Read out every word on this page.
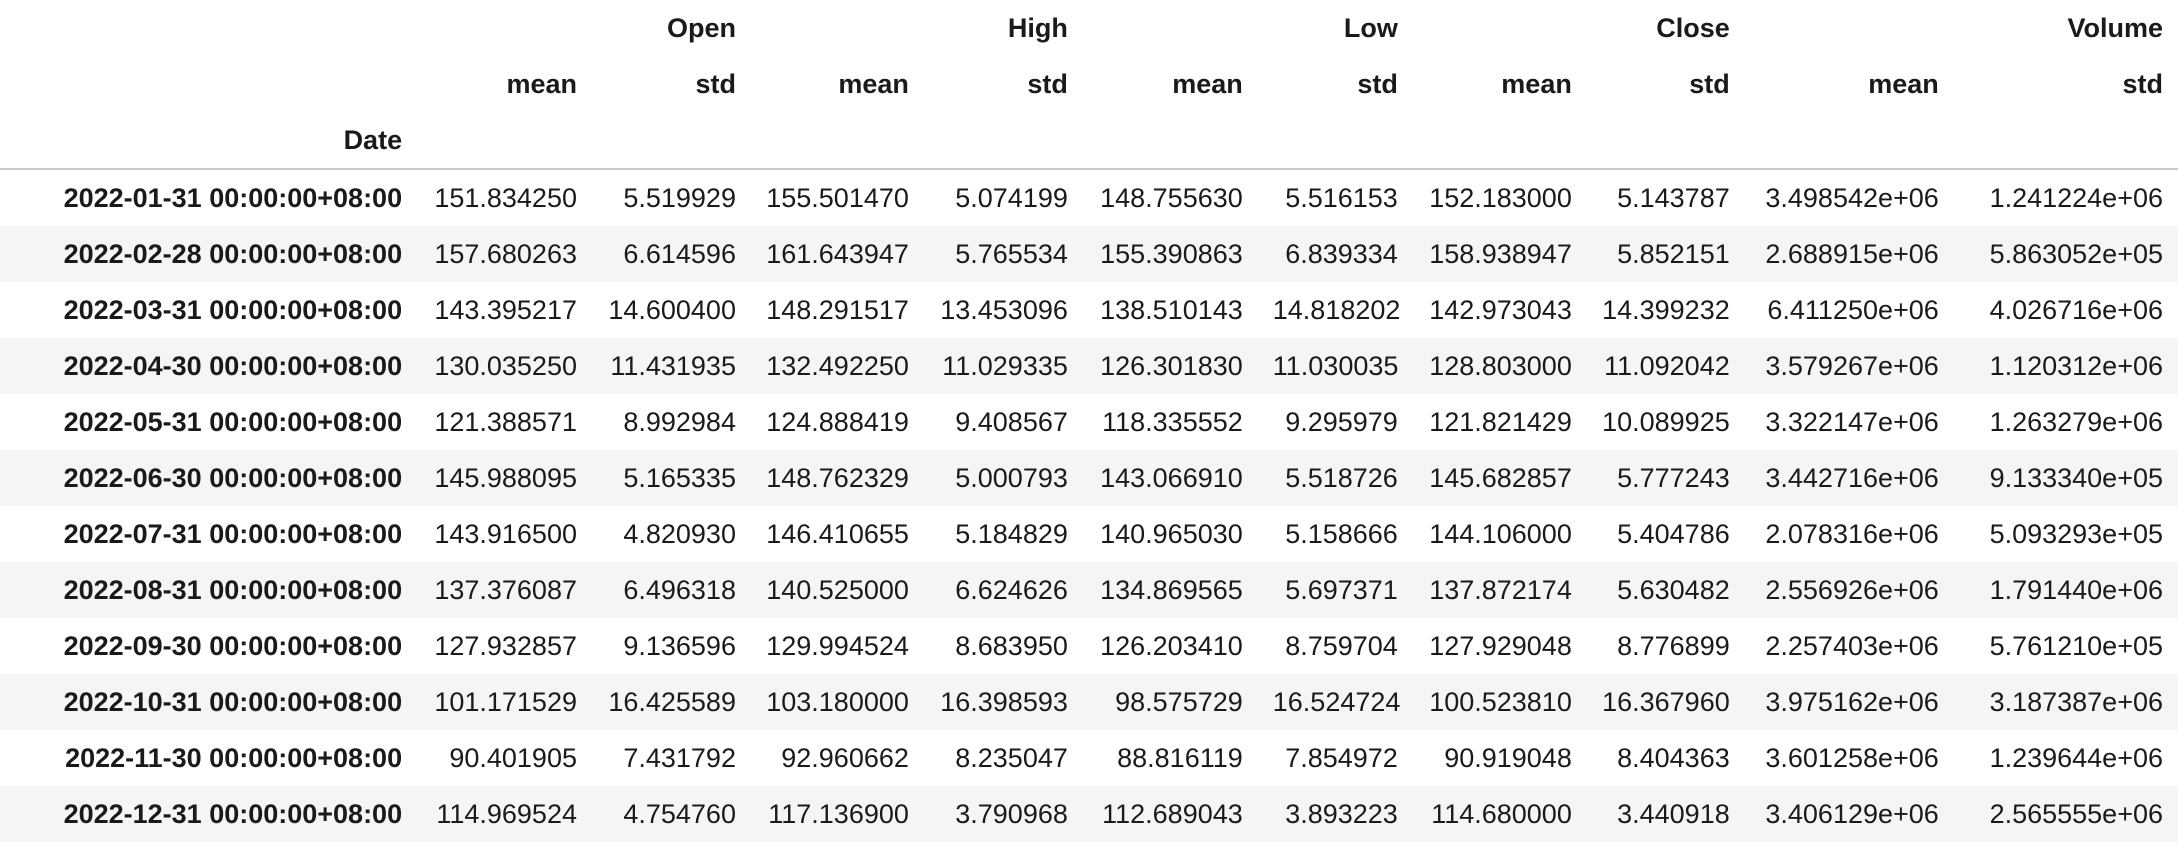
	Open		High		Low		Close		Volume	
	mean	std	mean	std	mean	std	mean	std	mean	std
Date										
2022-01-31 00:00:00+08:00	151.834250	5.519929	155.501470	5.074199	148.755630	5.516153	152.183000	5.143787	3.498542e+06	1.241224e+06
2022-02-28 00:00:00+08:00	157.680263	6.614596	161.643947	5.765534	155.390863	6.839334	158.938947	5.852151	2.688915e+06	5.863052e+05
2022-03-31 00:00:00+08:00	143.395217	14.600400	148.291517	13.453096	138.510143	14.818202	142.973043	14.399232	6.411250e+06	4.026716e+06
2022-04-30 00:00:00+08:00	130.035250	11.431935	132.492250	11.029335	126.301830	11.030035	128.803000	11.092042	3.579267e+06	1.120312e+06
2022-05-31 00:00:00+08:00	121.388571	8.992984	124.888419	9.408567	118.335552	9.295979	121.821429	10.089925	3.322147e+06	1.263279e+06
2022-06-30 00:00:00+08:00	145.988095	5.165335	148.762329	5.000793	143.066910	5.518726	145.682857	5.777243	3.442716e+06	9.133340e+05
2022-07-31 00:00:00+08:00	143.916500	4.820930	146.410655	5.184829	140.965030	5.158666	144.106000	5.404786	2.078316e+06	5.093293e+05
2022-08-31 00:00:00+08:00	137.376087	6.496318	140.525000	6.624626	134.869565	5.697371	137.872174	5.630482	2.556926e+06	1.791440e+06
2022-09-30 00:00:00+08:00	127.932857	9.136596	129.994524	8.683950	126.203410	8.759704	127.929048	8.776899	2.257403e+06	5.761210e+05
2022-10-31 00:00:00+08:00	101.171529	16.425589	103.180000	16.398593	98.575729	16.524724	100.523810	16.367960	3.975162e+06	3.187387e+06
2022-11-30 00:00:00+08:00	90.401905	7.431792	92.960662	8.235047	88.816119	7.854972	90.919048	8.404363	3.601258e+06	1.239644e+06
2022-12-31 00:00:00+08:00	114.969524	4.754760	117.136900	3.790968	112.689043	3.893223	114.680000	3.440918	3.406129e+06	2.565555e+06
